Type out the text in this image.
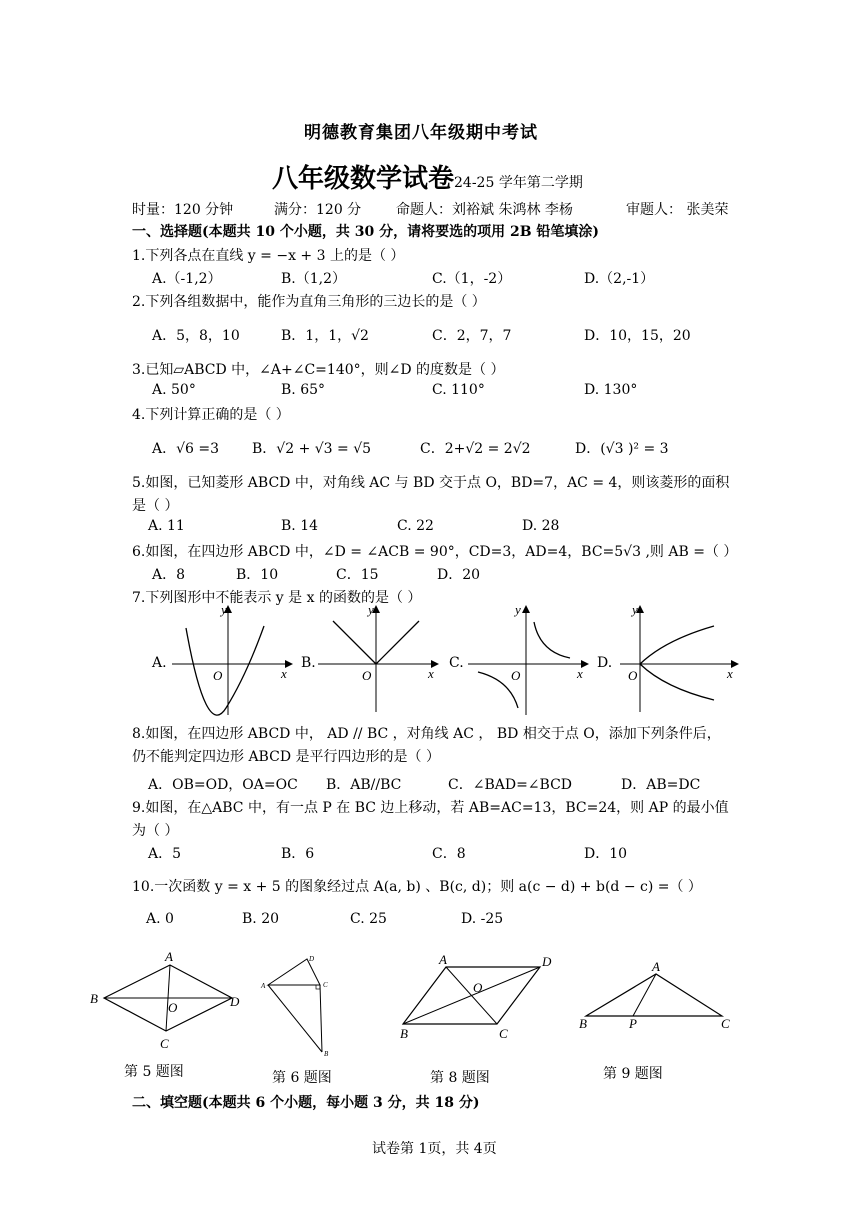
明德教育集团八年级期中考试
八年级数学试卷24-25 学年第二学期
时量：120 分钟	满分：120 分 命题人：刘裕斌 朱鸿林 李杨	审题人： 张美荣
一、选择题(本题共 10 个小题，共 30 分，请将要选的项用 2B 铅笔填涂)
1.下列各点在直线 y = −x + 3 上的是（ ）
A.（-1,2）	B.（1,2）	C.（1，-2）	D.（2,-1）
2.下列各组数据中，能作为直角三角形的三边长的是（ ）
A．5，8，10	B．1，1，√2	C．2，7，7	D．10，15，20
3.已知▱ABCD 中，∠A+∠C=140°，则∠D 的度数是（ ）
A. 50°	B. 65°	C. 110°	D. 130°
4.下列计算正确的是（ ）
A．√6 =3 B．√2 + √3 = √5	C．2+√2 = 2√2	D．(√3 )² = 3
5.如图，已知菱形 ABCD 中，对角线 AC 与 BD 交于点 O，BD=7，AC = 4，则该菱形的面积
是（ ）
A. 11	B. 14	C. 22	D. 28
6.如图，在四边形 ABCD 中，∠D = ∠ACB = 90°，CD=3，AD=4，BC=5√3 ,则 AB =（ ）
A．8	B．10	C．15	D．20
7.下列图形中不能表示 y 是 x 的函数的是（ ）
A.	B.	C.	D.
O	x
y
O	x
y
O	x
y
O	x
y
A
B
C
D
O
A
D
C
B
A	D
B	C
O
A
B	P	C
8.如图，在四边形 ABCD 中， AD // BC ，对角线 AC ， BD 相交于点 O，添加下列条件后，
仍不能判定四边形 ABCD 是平行四边形的是（ ）
A．OB=OD，OA=OC B．AB//BC	C．∠BAD=∠BCD	D．AB=DC
9.如图，在△ABC 中，有一点 P 在 BC 边上移动，若 AB=AC=13，BC=24，则 AP 的最小值
为（ ）
A．5	B．6	C．8	D．10
10.一次函数 y = x + 5 的图象经过点 A(a, b) 、B(c, d)；则 a(c − d) + b(d − c) =（ ）
A. 0	B. 20	C. 25	D. -25
第 5 题图	第 6 题图	第 8 题图	第 9 题图
二、填空题(本题共 6 个小题，每小题 3 分，共 18 分)
试卷第 1页，共 4页
